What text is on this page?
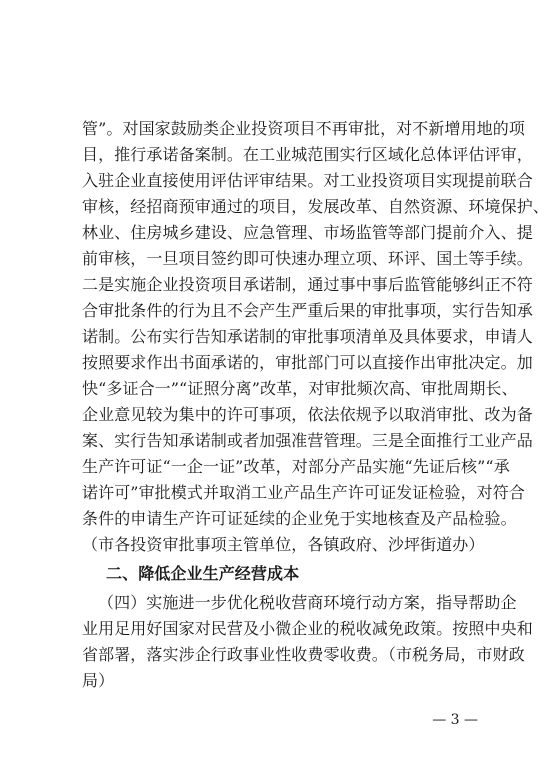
管”。对国家鼓励类企业投资项目不再审批，对不新增用地的项
目，推行承诺备案制。在工业城范围实行区域化总体评估评审，
入驻企业直接使用评估评审结果。对工业投资项目实现提前联合
审核，经招商预审通过的项目，发展改革、自然资源、环境保护、
林业、住房城乡建设、应急管理、市场监管等部门提前介入、提
前审核，一旦项目签约即可快速办理立项、环评、国土等手续。
二是实施企业投资项目承诺制，通过事中事后监管能够纠正不符
合审批条件的行为且不会产生严重后果的审批事项，实行告知承
诺制。公布实行告知承诺制的审批事项清单及具体要求，申请人
按照要求作出书面承诺的，审批部门可以直接作出审批决定。加
快“多证合一”“证照分离”改革，对审批频次高、审批周期长、
企业意见较为集中的许可事项，依法依规予以取消审批、改为备
案、实行告知承诺制或者加强准营管理。三是全面推行工业产品
生产许可证“一企一证”改革，对部分产品实施“先证后核”“承
诺许可”审批模式并取消工业产品生产许可证发证检验，对符合
条件的申请生产许可证延续的企业免于实地核查及产品检验。
（市各投资审批事项主管单位，各镇政府、沙坪街道办）
二、降低企业生产经营成本
（四）实施进一步优化税收营商环境行动方案，指导帮助企
业用足用好国家对民营及小微企业的税收减免政策。按照中央和
省部署，落实涉企行政事业性收费零收费。（市税务局，市财政
局）
— 3 —
